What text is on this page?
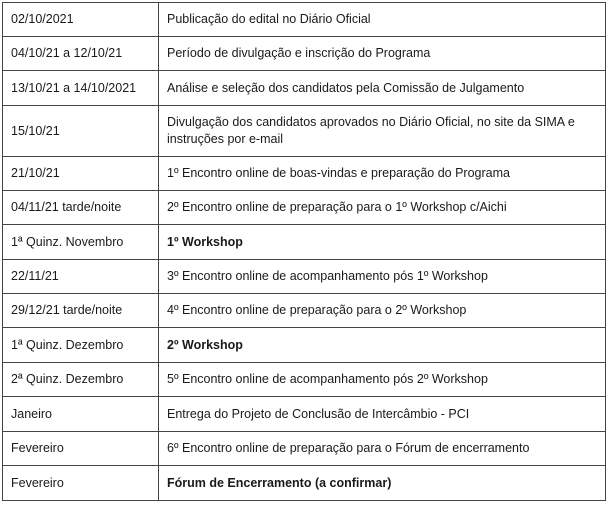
02/10/2021	Publicação do edital no Diário Oficial
04/10/21 a 12/10/21	Período de divulgação e inscrição do Programa
13/10/21 a 14/10/2021	Análise e seleção dos candidatos pela Comissão de Julgamento
15/10/21	Divulgação dos candidatos aprovados no Diário Oficial, no site da SIMA e instruções por e-mail
21/10/21	1º Encontro online de boas-vindas e preparação do Programa
04/11/21 tarde/noite	2º Encontro online de preparação para o 1º Workshop c/Aichi
1ª Quinz. Novembro	1º Workshop
22/11/21	3º Encontro online de acompanhamento pós 1º Workshop
29/12/21 tarde/noite	4º Encontro online de preparação para o 2º Workshop
1ª Quinz. Dezembro	2º Workshop
2ª Quinz. Dezembro	5º Encontro online de acompanhamento pós 2º Workshop
Janeiro	Entrega do Projeto de Conclusão de Intercâmbio - PCI
Fevereiro	6º Encontro online de preparação para o Fórum de encerramento
Fevereiro	Fórum de Encerramento (a confirmar)
